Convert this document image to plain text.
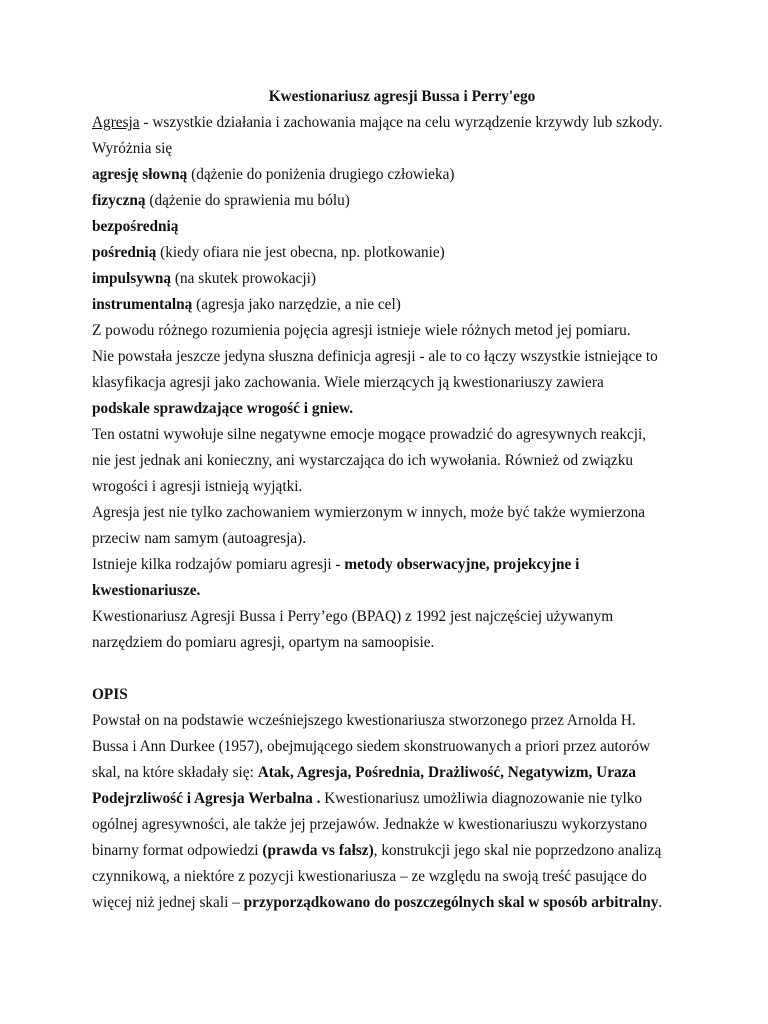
Kwestionariusz agresji Bussa i Perry'ego
Agresja - wszystkie działania i zachowania mające na celu wyrządzenie krzywdy lub szkody.
Wyróżnia się
agresję słowną (dążenie do poniżenia drugiego człowieka)
fizyczną (dążenie do sprawienia mu bólu)
bezpośrednią
pośrednią (kiedy ofiara nie jest obecna, np. plotkowanie)
impulsywną (na skutek prowokacji)
instrumentalną (agresja jako narzędzie, a nie cel)
Z powodu różnego rozumienia pojęcia agresji istnieje wiele różnych metod jej pomiaru.
Nie powstała jeszcze jedyna słuszna definicja agresji - ale to co łączy wszystkie istniejące to
klasyfikacja agresji jako zachowania. Wiele mierzących ją kwestionariuszy zawiera
podskale sprawdzające wrogość i gniew.
Ten ostatni wywołuje silne negatywne emocje mogące prowadzić do agresywnych reakcji,
nie jest jednak ani konieczny, ani wystarczająca do ich wywołania. Również od związku
wrogości i agresji istnieją wyjątki.
Agresja jest nie tylko zachowaniem wymierzonym w innych, może być także wymierzona
przeciw nam samym (autoagresja).
Istnieje kilka rodzajów pomiaru agresji - metody obserwacyjne, projekcyjne i
kwestionariusze.
Kwestionariusz Agresji Bussa i Perry’ego (BPAQ) z 1992 jest najczęściej używanym
narzędziem do pomiaru agresji, opartym na samoopisie.
OPIS
Powstał on na podstawie wcześniejszego kwestionariusza stworzonego przez Arnolda H.
Bussa i Ann Durkee (1957), obejmującego siedem skonstruowanych a priori przez autorów
skal, na które składały się: Atak, Agresja, Pośrednia, Drażliwość, Negatywizm, Uraza
Podejrzliwość i Agresja Werbalna . Kwestionariusz umożliwia diagnozowanie nie tylko
ogólnej agresywności, ale także jej przejawów. Jednakże w kwestionariuszu wykorzystano
binarny format odpowiedzi (prawda vs fałsz), konstrukcji jego skal nie poprzedzono analizą
czynnikową, a niektóre z pozycji kwestionariusza – ze względu na swoją treść pasujące do
więcej niż jednej skali – przyporządkowano do poszczególnych skal w sposób arbitralny.
